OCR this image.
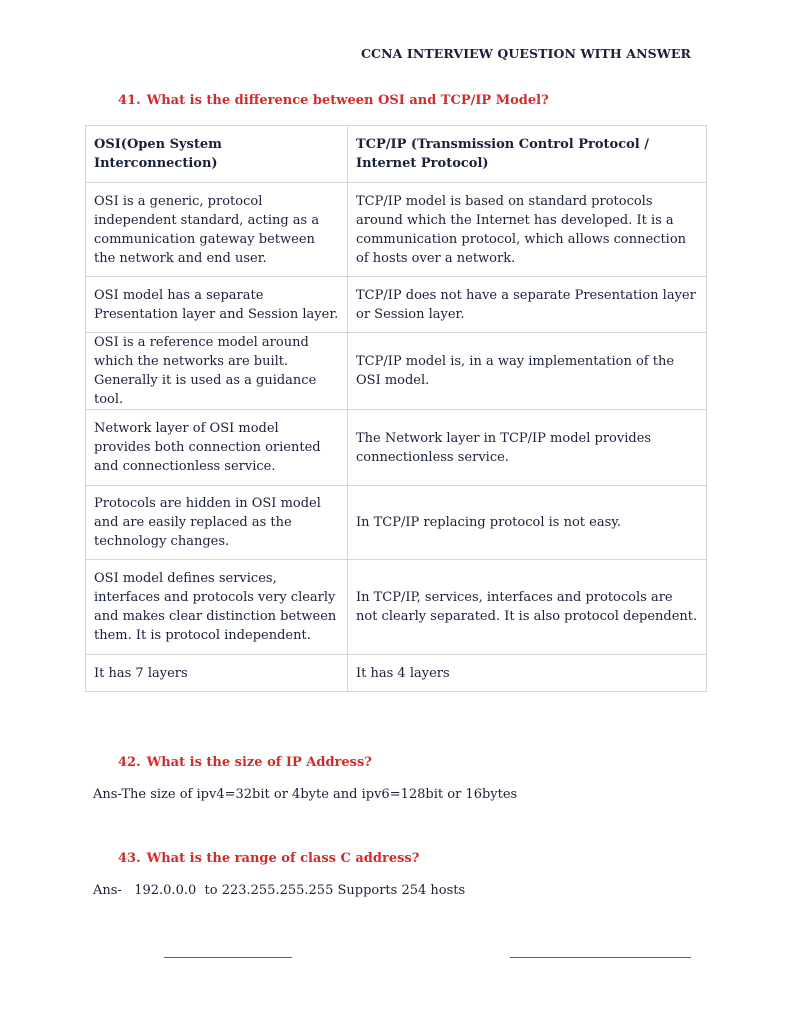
CCNA INTERVIEW QUESTION WITH ANSWER
41. What is the difference between OSI and TCP/IP Model?
OSI(Open System Interconnection)	TCP/IP (Transmission Control Protocol / Internet Protocol)
OSI is a generic, protocol independent standard, acting as a communication gateway between the network and end user.	TCP/IP model is based on standard protocols around which the Internet has developed. It is a communication protocol, which allows connection of hosts over a network.
OSI model has a separate Presentation layer and Session layer.	TCP/IP does not have a separate Presentation layer or Session layer.
OSI is a reference model around which the networks are built. Generally it is used as a guidance tool.	TCP/IP model is, in a way implementation of the OSI model.
Network layer of OSI model provides both connection oriented and connectionless service.	The Network layer in TCP/IP model provides connectionless service.
Protocols are hidden in OSI model and are easily replaced as the technology changes.	In TCP/IP replacing protocol is not easy.
OSI model defines services, interfaces and protocols very clearly and makes clear distinction between them. It is protocol independent.	In TCP/IP, services, interfaces and protocols are not clearly separated. It is also protocol dependent.
It has 7 layers	It has 4 layers
42. What is the size of IP Address?
Ans-The size of ipv4=32bit or 4byte and ipv6=128bit or 16bytes
43. What is the range of class C address?
Ans-   192.0.0.0  to 223.255.255.255 Supports 254 hosts
